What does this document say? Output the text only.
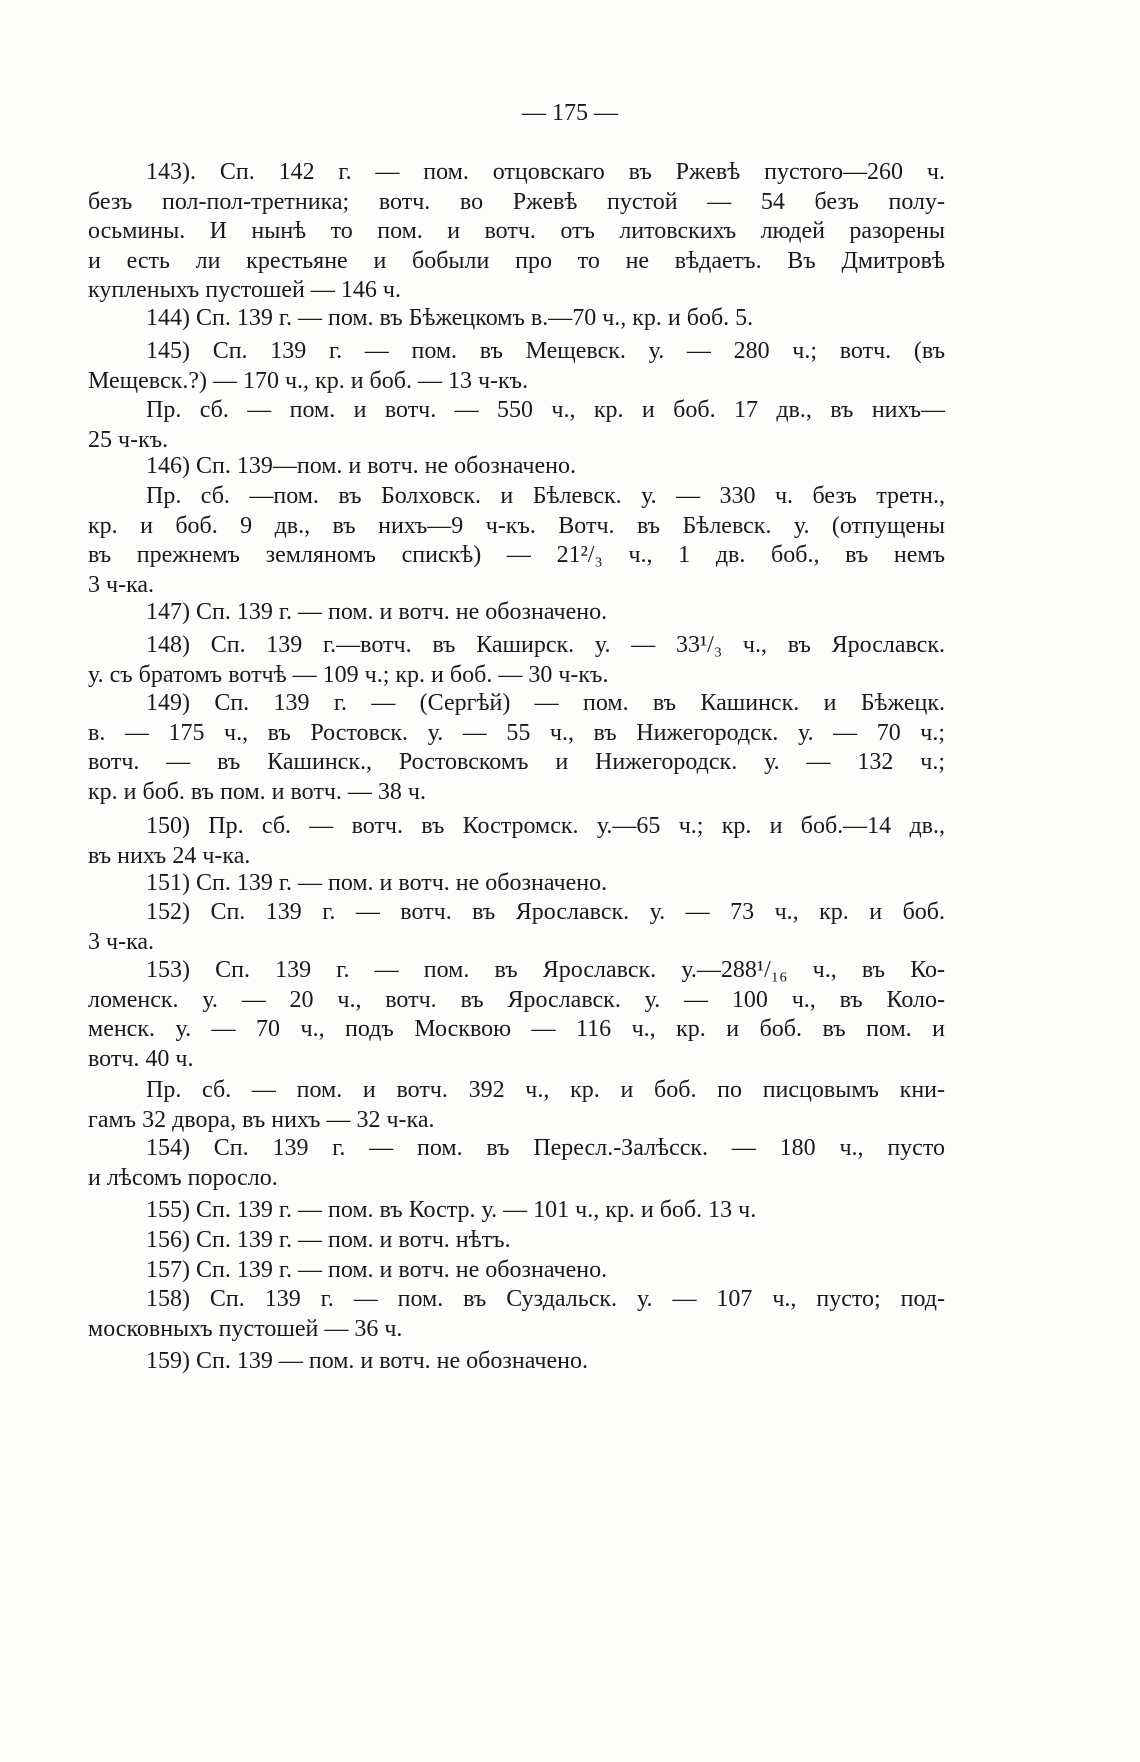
— 175 —
143). Сп. 142 г. — пом. отцовскаго въ Ржевѣ пустого—260 ч.
безъ пол-пол-третника; вотч. во Ржевѣ пустой — 54 безъ полу-
осьмины. И нынѣ то пом. и вотч. отъ литовскихъ людей разорены
и есть ли крестьяне и бобыли про то не вѣдаетъ. Въ Дмитровѣ
купленыхъ пустошей — 146 ч.
144) Сп. 139 г. — пом. въ Бѣжецкомъ в.—70 ч., кр. и боб. 5.
145) Сп. 139 г. — пом. въ Мещевск. у. — 280 ч.; вотч. (въ
Мещевск.?) — 170 ч., кр. и боб. — 13 ч-къ.
Пр. сб. — пом. и вотч. — 550 ч., кр. и боб. 17 дв., въ нихъ—
25 ч-къ.
146) Сп. 139—пом. и вотч. не обозначено.
Пр. сб. —пом. въ Болховск. и Бѣлевск. у. — 330 ч. безъ третн.,
кр. и боб. 9 дв., въ нихъ—9 ч-къ. Вотч. въ Бѣлевск. у. (отпущены
въ прежнемъ земляномъ спискѣ) — 21²/₃ ч., 1 дв. боб., въ немъ
3 ч-ка.
147) Сп. 139 г. — пом. и вотч. не обозначено.
148) Сп. 139 г.—вотч. въ Каширск. у. — 33¹/₃ ч., въ Ярославск.
у. съ братомъ вотчѣ — 109 ч.; кр. и боб. — 30 ч-къ.
149) Сп. 139 г. — (Сергѣй) — пом. въ Кашинск. и Бѣжецк.
в. — 175 ч., въ Ростовск. у. — 55 ч., въ Нижегородск. у. — 70 ч.;
вотч. — въ Кашинск., Ростовскомъ и Нижегородск. у. — 132 ч.;
кр. и боб. въ пом. и вотч. — 38 ч.
150) Пр. сб. — вотч. въ Костромск. у.—65 ч.; кр. и боб.—14 дв.,
въ нихъ 24 ч-ка.
151) Сп. 139 г. — пом. и вотч. не обозначено.
152) Сп. 139 г. — вотч. въ Ярославск. у. — 73 ч., кр. и боб.
3 ч-ка.
153) Сп. 139 г. — пом. въ Ярославск. у.—288¹/₁₆ ч., въ Ко-
ломенск. у. — 20 ч., вотч. въ Ярославск. у. — 100 ч., въ Коло-
менск. у. — 70 ч., подъ Москвою — 116 ч., кр. и боб. въ пом. и
вотч. 40 ч.
Пр. сб. — пом. и вотч. 392 ч., кр. и боб. по писцовымъ кни-
гамъ 32 двора, въ нихъ — 32 ч-ка.
154) Сп. 139 г. — пом. въ Пересл.-Залѣсск. — 180 ч., пусто
и лѣсомъ поросло.
155) Сп. 139 г. — пом. въ Костр. у. — 101 ч., кр. и боб. 13 ч.
156) Сп. 139 г. — пом. и вотч. нѣтъ.
157) Сп. 139 г. — пом. и вотч. не обозначено.
158) Сп. 139 г. — пом. въ Суздальск. у. — 107 ч., пусто; под-
московныхъ пустошей — 36 ч.
159) Сп. 139 — пом. и вотч. не обозначено.
